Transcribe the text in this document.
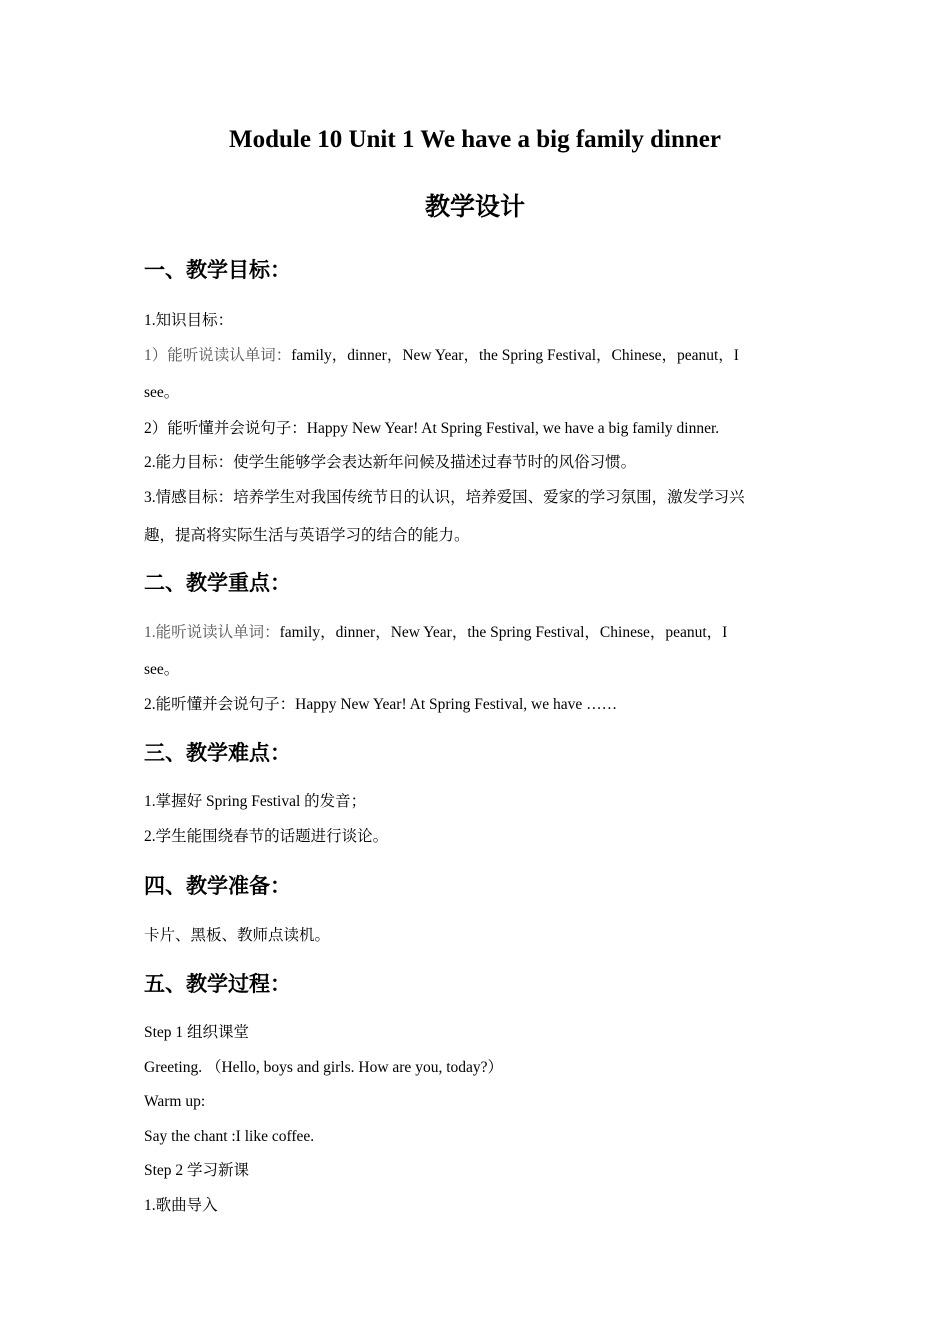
Module 10 Unit 1 We have a big family dinner
教学设计
一、教学目标：

1.知识目标：

1）能听说读认单词：family，dinner，New Year，the Spring Festival，Chinese，peanut，I

see。

2）能听懂并会说句子：Happy New Year! At Spring Festival, we have a big family dinner.

2.能力目标：使学生能够学会表达新年问候及描述过春节时的风俗习惯。

3.情感目标：培养学生对我国传统节日的认识，培养爱国、爱家的学习氛围，激发学习兴

趣，提高将实际生活与英语学习的结合的能力。

二、教学重点：

1.能听说读认单词：family，dinner，New Year，the Spring Festival，Chinese，peanut，I

see。

2.能听懂并会说句子：Happy New Year! At Spring Festival, we have ……

三、教学难点：

1.掌握好 Spring Festival 的发音；

2.学生能围绕春节的话题进行谈论。

四、教学准备：

卡片、黑板、教师点读机。

五、教学过程：

Step 1 组织课堂

Greeting. （Hello, boys and girls. How are you, today?）

Warm up:

Say the chant :I like coffee.

Step 2 学习新课

1.歌曲导入
